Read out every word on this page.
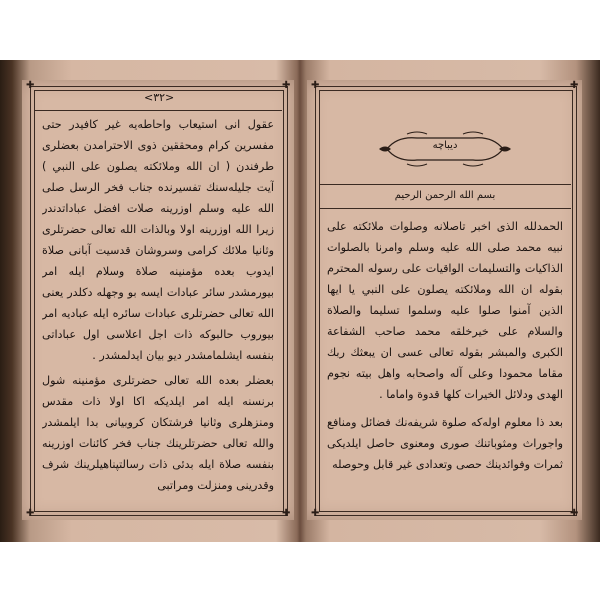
✚	✚
✚	✚
<٣٢>

عقول انی استيعاب واحاطه‌یه غير كافيدر حتی مفسرین كرام ومحققين ذوی الاحترامدن بعضلری طرفندن ( ان الله وملائكته يصلون على النبي ) آيت جليله‌سنك تفسيرنده جناب فخر الرسل صلى الله عليه وسلم اوزرينه صلات افضل عباداتدندر زيرا الله اوزرينه اولا وبالذات الله تعالی حضرتلری وثانيا ملائك كرامی وسروشان قدسيت آبانی صلاة ايدوب بعده مؤمنينه صلاة وسلام ايله امر بيورمشدر سائر عبادات ايسه بو وجهله دكلدر يعنی الله تعالی حضرتلری عبادات سائره ايله عباديه امر بيوروب حالبوكه ذات اجل اعلاسی اول عباداتی بنفسه ايشلمامشدر ديو بيان ايدلمشدر .

بعضلر بعده الله تعالی حضرتلری مؤمنينه شول برنسنه ايله امر ايلديكه اكا اولا ذات مقدس ومنزهلری وثانيا فرشتكان كروبيانی بدا ايلمشدر والله تعالی حضرتلرينك جناب فخر كائنات اوزرينه بنفسه صلاة ايله بدئی ذات رسالتپناهيلرينك شرف وقدرينی ومنزلت ومراتبی

✚	✚
✚	✚
ديباچه
بسم الله الرحمن الرحيم

الحمدلله الذی اخبر تاصلانه وصلوات ملائكته علی نبيه محمد صلى الله عليه وسلم وامرنا بالصلوات الذاكيات والتسليمات الواقيات علی رسوله المحترم بقوله ان الله وملائكته يصلون علی النبي يا ايها الذين آمنوا صلوا عليه وسلموا تسليما والصلاة والسلام علی خيرخلقه محمد صاحب الشفاعة الكبری والمبشر بقوله تعالی عسی ان يبعثك ربك مقاما محمودا وعلی آله واصحابه واهل بيته نجوم الهدی ودلائل الخيرات كلها قدوة واماما .

بعد ذا معلوم اوله‌كه صلوة شريفه‌نك فضائل ومنافع واجوراث ومثوباتنك صوری ومعنوی حاصل ايلديكی ثمرات وفوائدينك حصی وتعدادی غير قابل وحوصله
